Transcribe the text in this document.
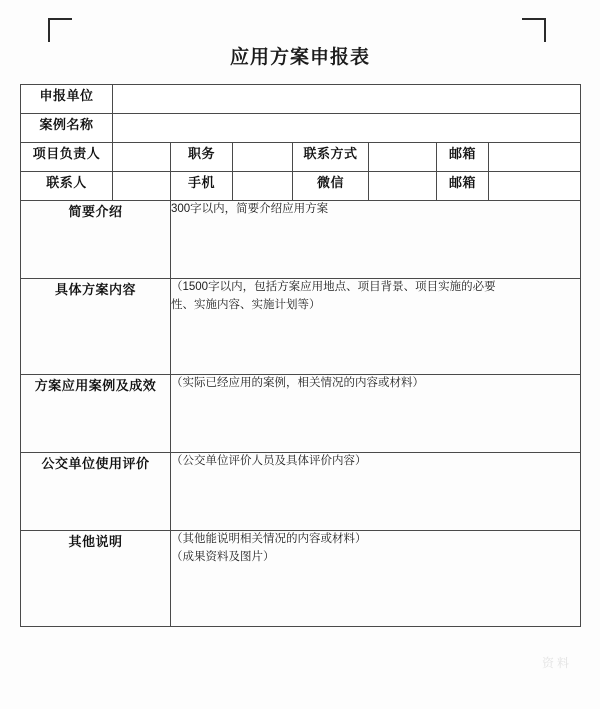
应用方案申报表
申报单位							
案例名称							
项目负责人		职务		联系方式		邮箱	
联系人		手机		微信		邮箱	
简要介绍		300字以内，简要介绍应用方案					

具体方案内容		（1500字以内，包括方案应用地点、项目背景、项目实施的必要
性、实施内容、实施计划等）					

方案应用案例及成效		（实际已经应用的案例，相关情况的内容或材料）					

公交单位使用评价		（公交单位评价人员及具体评价内容）					

其他说明		（其他能说明相关情况的内容或材料）
（成果资料及图片）					
资料
